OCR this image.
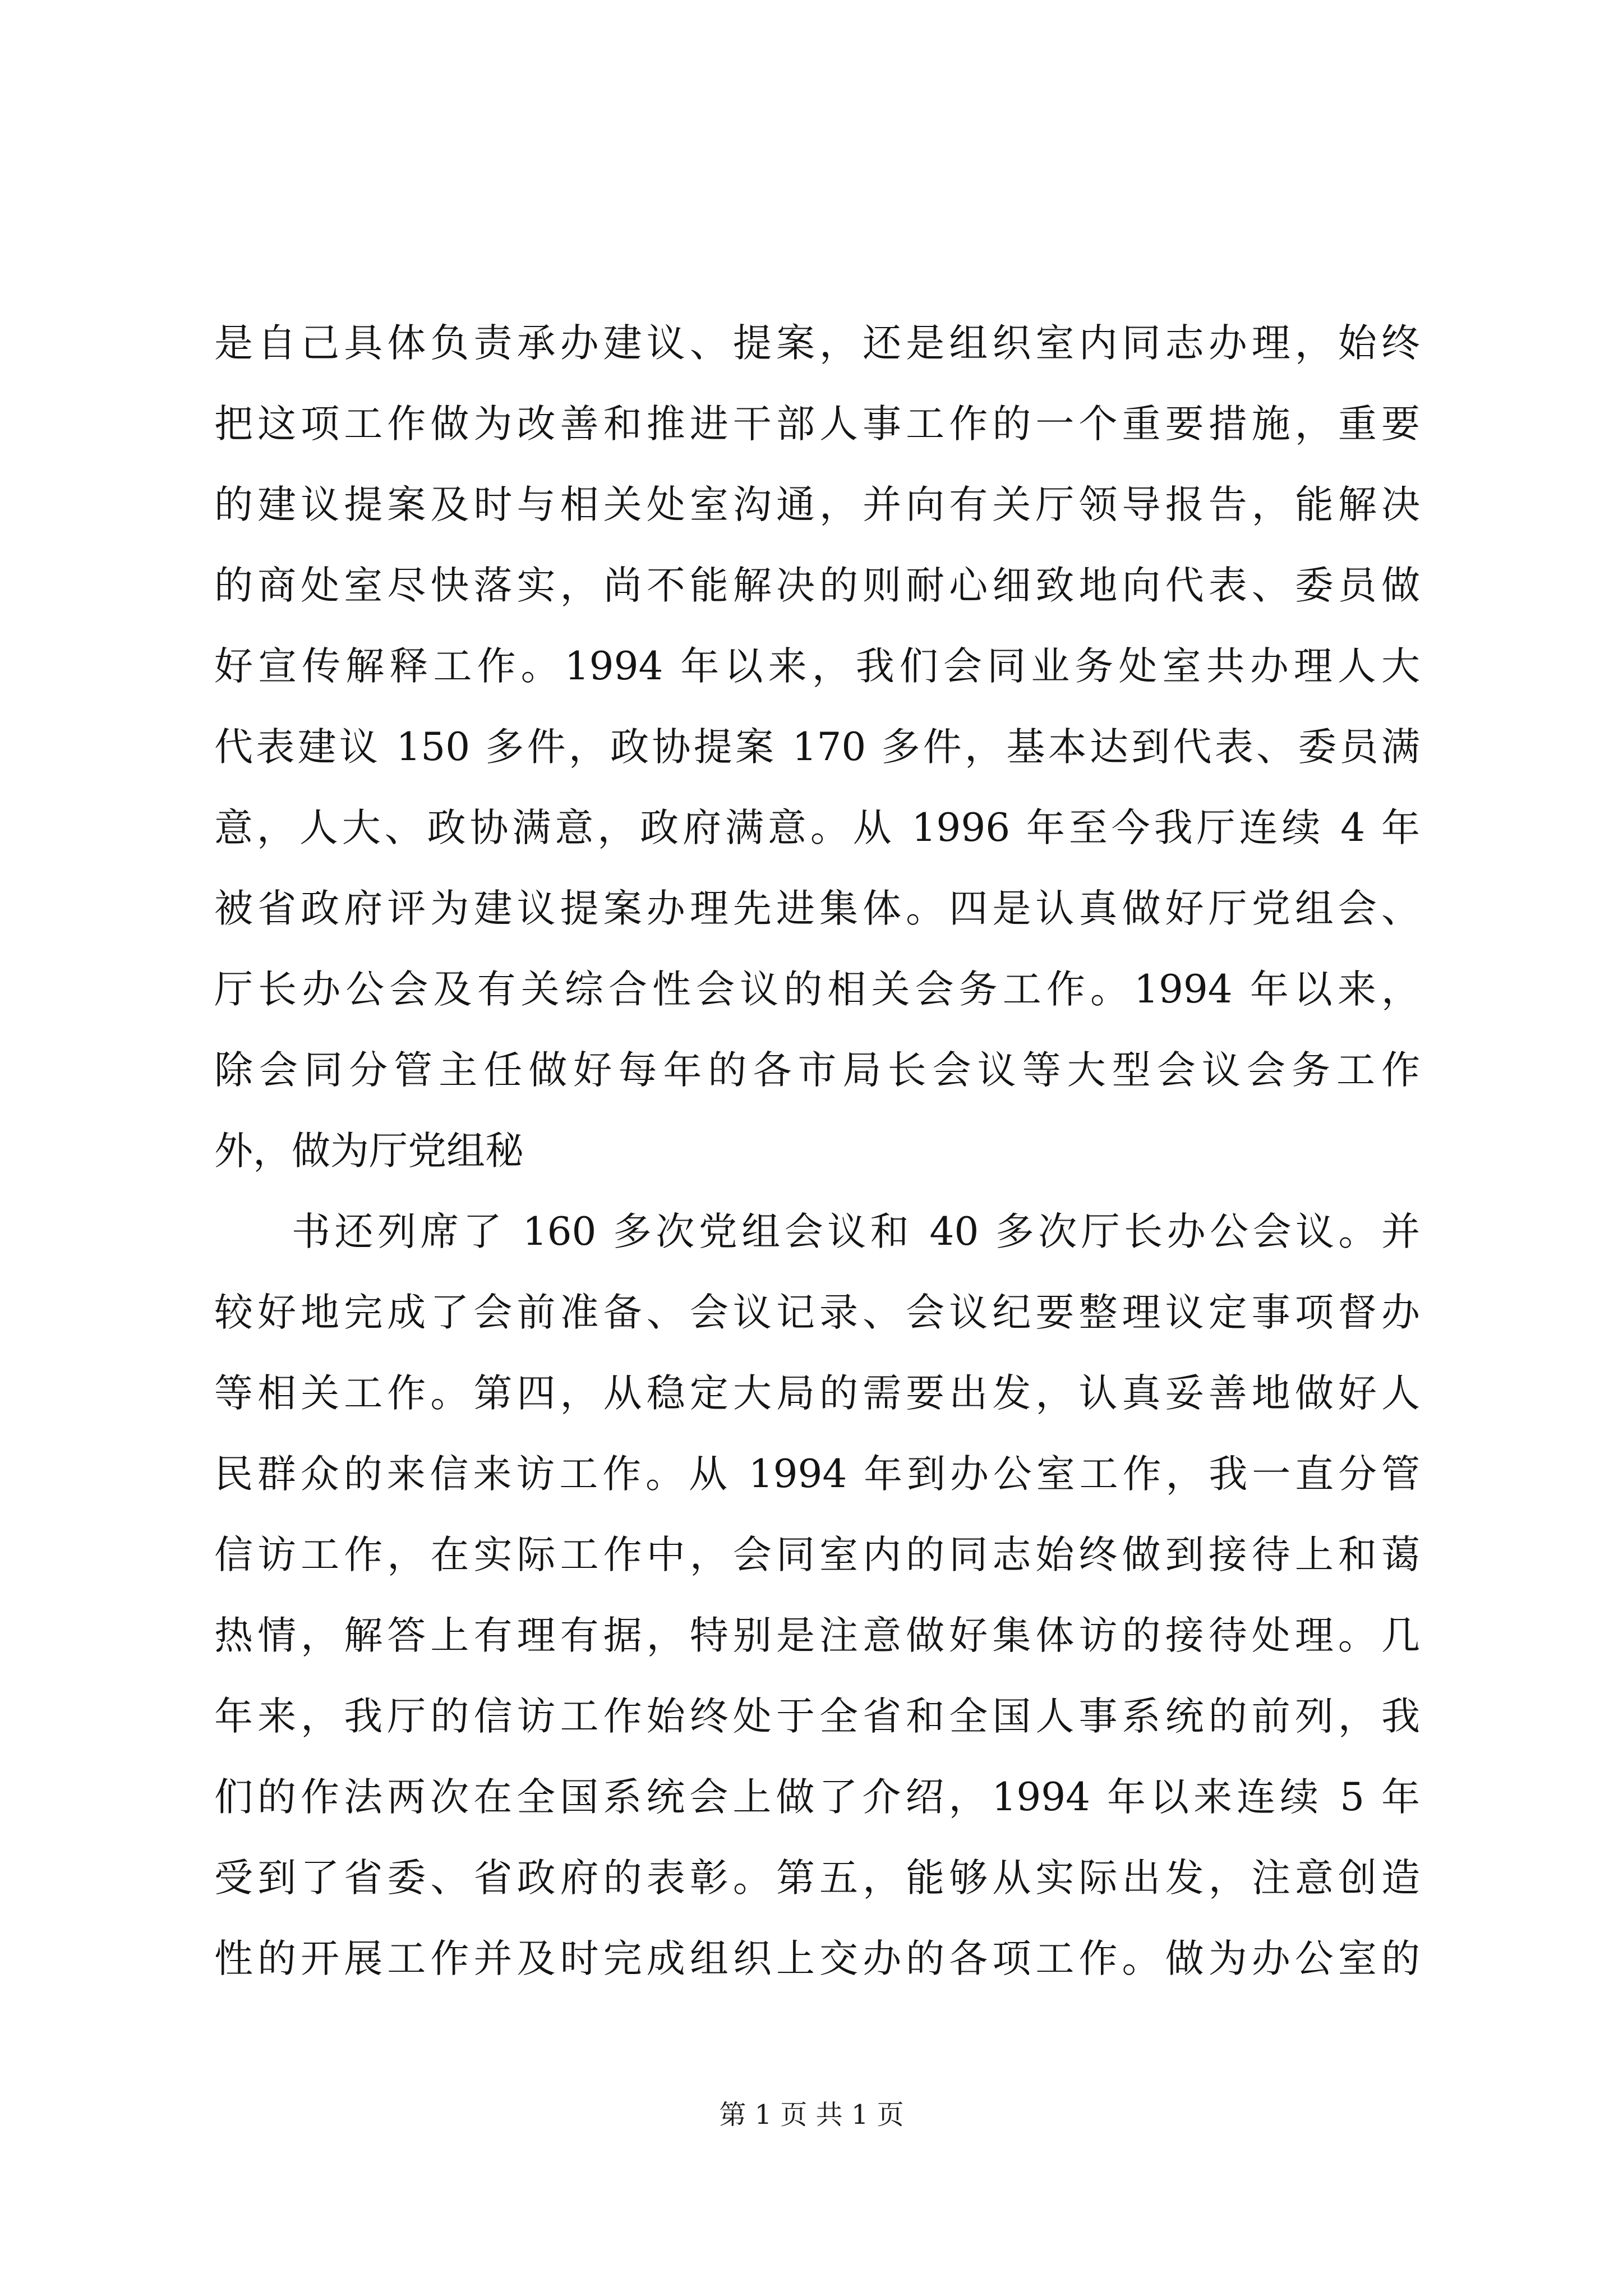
是自己具体负责承办建议、提案，还是组织室内同志办理，始终
把这项工作做为改善和推进干部人事工作的一个重要措施，重要
的建议提案及时与相关处室沟通，并向有关厅领导报告，能解决
的商处室尽快落实，尚不能解决的则耐心细致地向代表、委员做
好宣传解释工作。1994 年以来，我们会同业务处室共办理人大
代表建议 150 多件，政协提案 170 多件，基本达到代表、委员满
意，人大、政协满意，政府满意。从 1996 年至今我厅连续 4 年
被省政府评为建议提案办理先进集体。四是认真做好厅党组会、
厅长办公会及有关综合性会议的相关会务工作。1994 年以来，
除会同分管主任做好每年的各市局长会议等大型会议会务工作
外，做为厅党组秘
书还列席了 160 多次党组会议和 40 多次厅长办公会议。并
较好地完成了会前准备、会议记录、会议纪要整理议定事项督办
等相关工作。第四，从稳定大局的需要出发，认真妥善地做好人
民群众的来信来访工作。从 1994 年到办公室工作，我一直分管
信访工作，在实际工作中，会同室内的同志始终做到接待上和蔼
热情，解答上有理有据，特别是注意做好集体访的接待处理。几
年来，我厅的信访工作始终处于全省和全国人事系统的前列，我
们的作法两次在全国系统会上做了介绍，1994 年以来连续 5 年
受到了省委、省政府的表彰。第五，能够从实际出发，注意创造
性的开展工作并及时完成组织上交办的各项工作。做为办公室的
第 1 页 共 1 页
